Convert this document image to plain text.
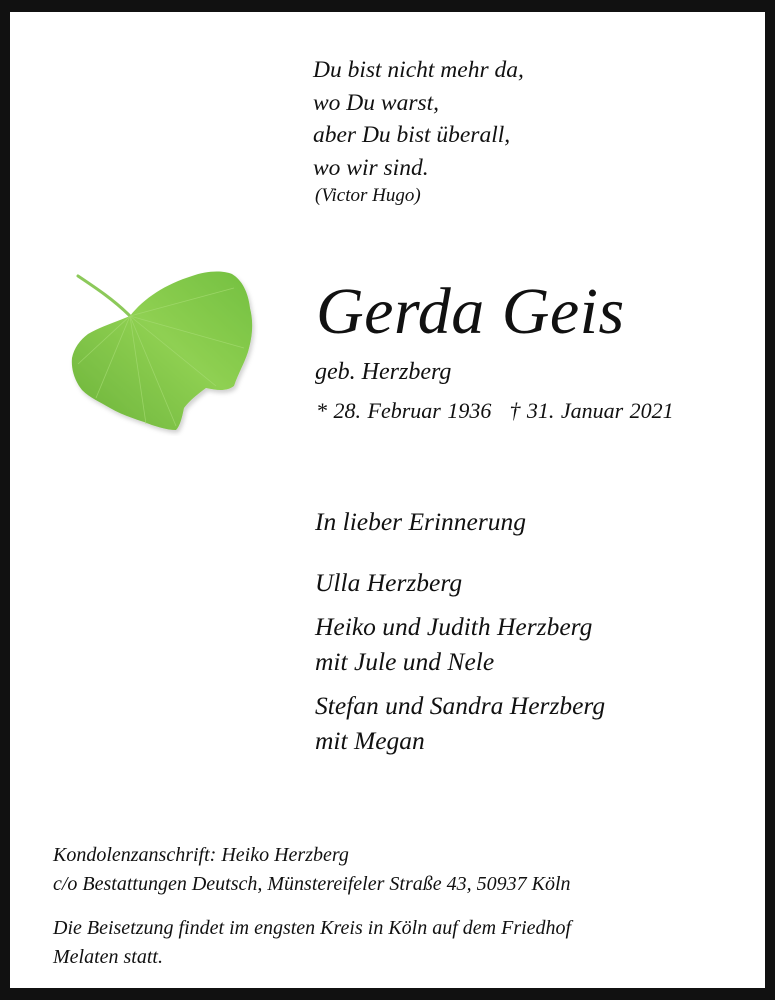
Du bist nicht mehr da,
wo Du warst,
aber Du bist überall,
wo wir sind.
(Victor Hugo)
Gerda Geis
geb. Herzberg
* 28. Februar 1936 † 31. Januar 2021
In lieber Erinnerung
Ulla Herzberg
Heiko und Judith Herzberg
mit Jule und Nele
Stefan und Sandra Herzberg
mit Megan
Kondolenzanschrift: Heiko Herzberg
c/o Bestattungen Deutsch, Münstereifeler Straße 43, 50937 Köln
Die Beisetzung findet im engsten Kreis in Köln auf dem Friedhof
Melaten statt.
